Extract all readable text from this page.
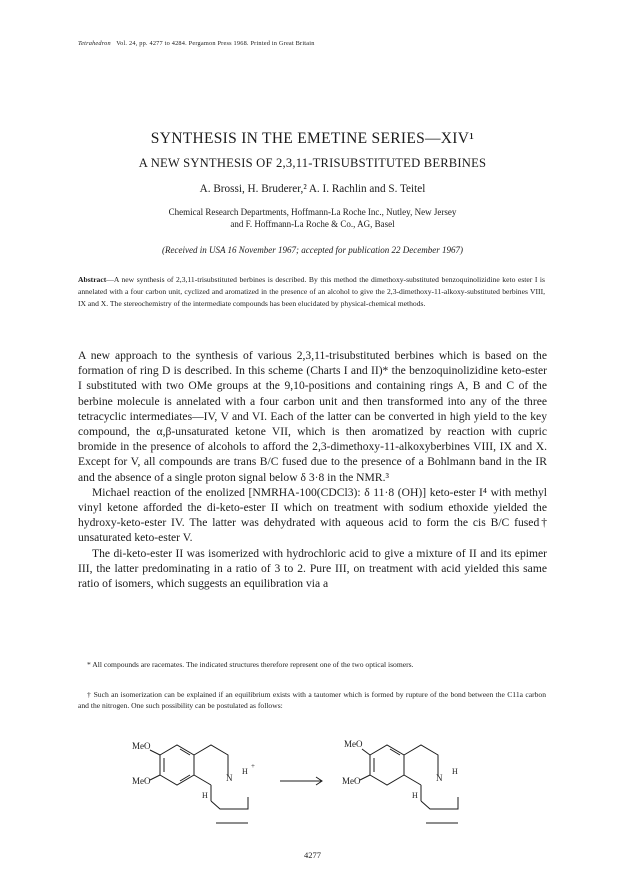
Tetrahedron Vol. 24, pp. 4277 to 4284. Pergamon Press 1968. Printed in Great Britain
SYNTHESIS IN THE EMETINE SERIES—XIV¹
A NEW SYNTHESIS OF 2,3,11-TRISUBSTITUTED BERBINES
A. Brossi, H. Bruderer,² A. I. Rachlin and S. Teitel
Chemical Research Departments, Hoffmann-La Roche Inc., Nutley, New Jersey
and F. Hoffmann-La Roche & Co., AG, Basel
(Received in USA 16 November 1967; accepted for publication 22 December 1967)
Abstract—A new synthesis of 2,3,11-trisubstituted berbines is described. By this method the dimethoxy-substituted benzoquinolizidine keto ester I is annelated with a four carbon unit, cyclized and aromatized in the presence of an alcohol to give the 2,3-dimethoxy-11-alkoxy-substituted berbines VIII, IX and X. The stereochemistry of the intermediate compounds has been elucidated by physical-chemical methods.

A new approach to the synthesis of various 2,3,11-trisubstituted berbines which is based on the formation of ring D is described. In this scheme (Charts I and II)* the benzoquinolizidine keto-ester I substituted with two OMe groups at the 9,10-positions and containing rings A, B and C of the berbine molecule is annelated with a four carbon unit and then transformed into any of the three tetracyclic intermediates—IV, V and VI. Each of the latter can be converted in high yield to the key compound, the α,β-unsaturated ketone VII, which is then aromatized by reaction with cupric bromide in the presence of alcohols to afford the 2,3-dimethoxy-11-alkoxyberbines VIII, IX and X. Except for V, all compounds are trans B/C fused due to the presence of a Bohlmann band in the IR and the absence of a single proton signal below δ 3·8 in the NMR.³

Michael reaction of the enolized [NMRHA-100(CDCl3): δ 11·8 (OH)] keto-ester I⁴ with methyl vinyl ketone afforded the di-keto-ester II which on treatment with sodium ethoxide yielded the hydroxy-keto-ester IV. The latter was dehydrated with aqueous acid to form the cis B/C fused† unsaturated keto-ester V.

The di-keto-ester II was isomerized with hydrochloric acid to give a mixture of II and its epimer III, the latter predominating in a ratio of 3 to 2. Pure III, on treatment with acid yielded this same ratio of isomers, which suggests an equilibration via a

* All compounds are racemates. The indicated structures therefore represent one of the two optical isomers.

† Such an isomerization can be explained if an equilibrium exists with a tautomer which is formed by rupture of the bond between the C11a carbon and the nitrogen. One such possibility can be postulated as follows:

MeO
MeO	N
H
+
H
MeO
MeO	N
H
H
4277
